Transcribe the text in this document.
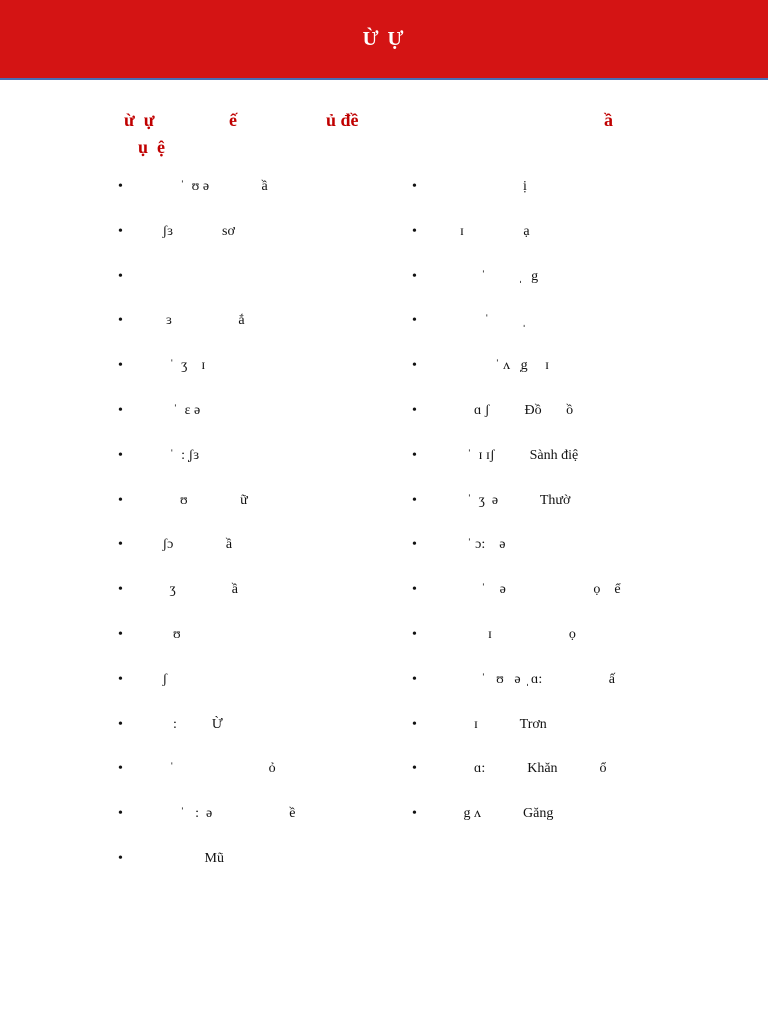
Ừ Ự
ừ  ự	ế	ủ đề	ầ
ụ  ệ
• ˈ  ʊ ə               ầ
• ʃɜ              sơ
•
• ɜ                   ắ
• ˈ  ʒ    ɪ
• ˈ  ɛ ə
• ˈ  : ̩ʃɜ
• ʊ               ữ
• ʃɔ               ầ
• ʒ                ầ
• ʊ
• ʃ
• :          Ừ
• ˈ                           ỏ
• ˈ   :  ə                      ề
• Mũ
• ị
• ɪ                 ạ
• ˈ          ̩   g
• ˈ          ̩
• ˈ ʌ   ̩g     ɪ
• ɑ ʃ          Đồ       ồ
• ˈ  ɪ ɪʃ          Sành điệ
• ˈ  ʒ  ə            Thườ
• ˈ ɔ:    ə
• ˈ    ə                         ọ    ể
• ɪ                      ọ
• ˈ   ʊ   ə  ̩ ɑ:                   ấ
• ɪ            Trơn
• ɑ:            Khăn            ổ
• g ʌ            Găng
